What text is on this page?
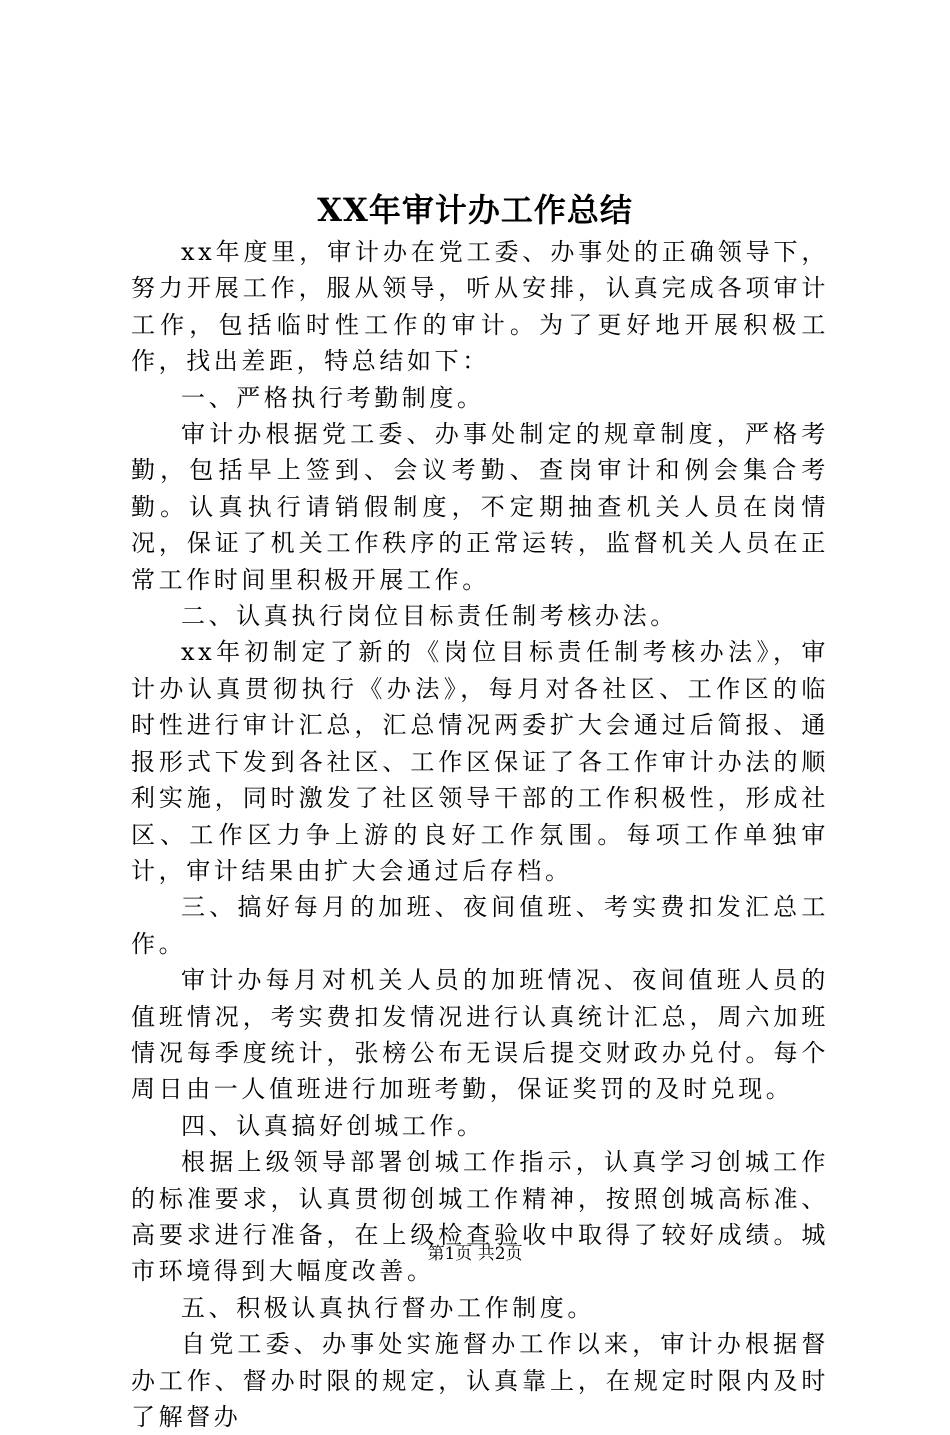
XX年审计办工作总结

xx年度里，审计办在党工委、办事处的正确领导下，努力开展工作，服从领导，听从安排，认真完成各项审计工作，包括临时性工作的审计。为了更好地开展积极工作，找出差距，特总结如下：

一、严格执行考勤制度。

审计办根据党工委、办事处制定的规章制度，严格考勤，包括早上签到、会议考勤、查岗审计和例会集合考勤。认真执行请销假制度，不定期抽查机关人员在岗情况，保证了机关工作秩序的正常运转，监督机关人员在正常工作时间里积极开展工作。

二、认真执行岗位目标责任制考核办法。

xx年初制定了新的《岗位目标责任制考核办法》，审计办认真贯彻执行《办法》，每月对各社区、工作区的临时性进行审计汇总，汇总情况两委扩大会通过后简报、通报形式下发到各社区、工作区保证了各工作审计办法的顺利实施，同时激发了社区领导干部的工作积极性，形成社区、工作区力争上游的良好工作氛围。每项工作单独审计，审计结果由扩大会通过后存档。

三、搞好每月的加班、夜间值班、考实费扣发汇总工作。

审计办每月对机关人员的加班情况、夜间值班人员的值班情况，考实费扣发情况进行认真统计汇总，周六加班情况每季度统计，张榜公布无误后提交财政办兑付。每个周日由一人值班进行加班考勤，保证奖罚的及时兑现。

四、认真搞好创城工作。

根据上级领导部署创城工作指示，认真学习创城工作的标准要求，认真贯彻创城工作精神，按照创城高标准、高要求进行准备，在上级检查验收中取得了较好成绩。城市环境得到大幅度改善。

五、积极认真执行督办工作制度。

自党工委、办事处实施督办工作以来，审计办根据督办工作、督办时限的规定，认真靠上，在规定时限内及时了解督办

第1页 共2页
